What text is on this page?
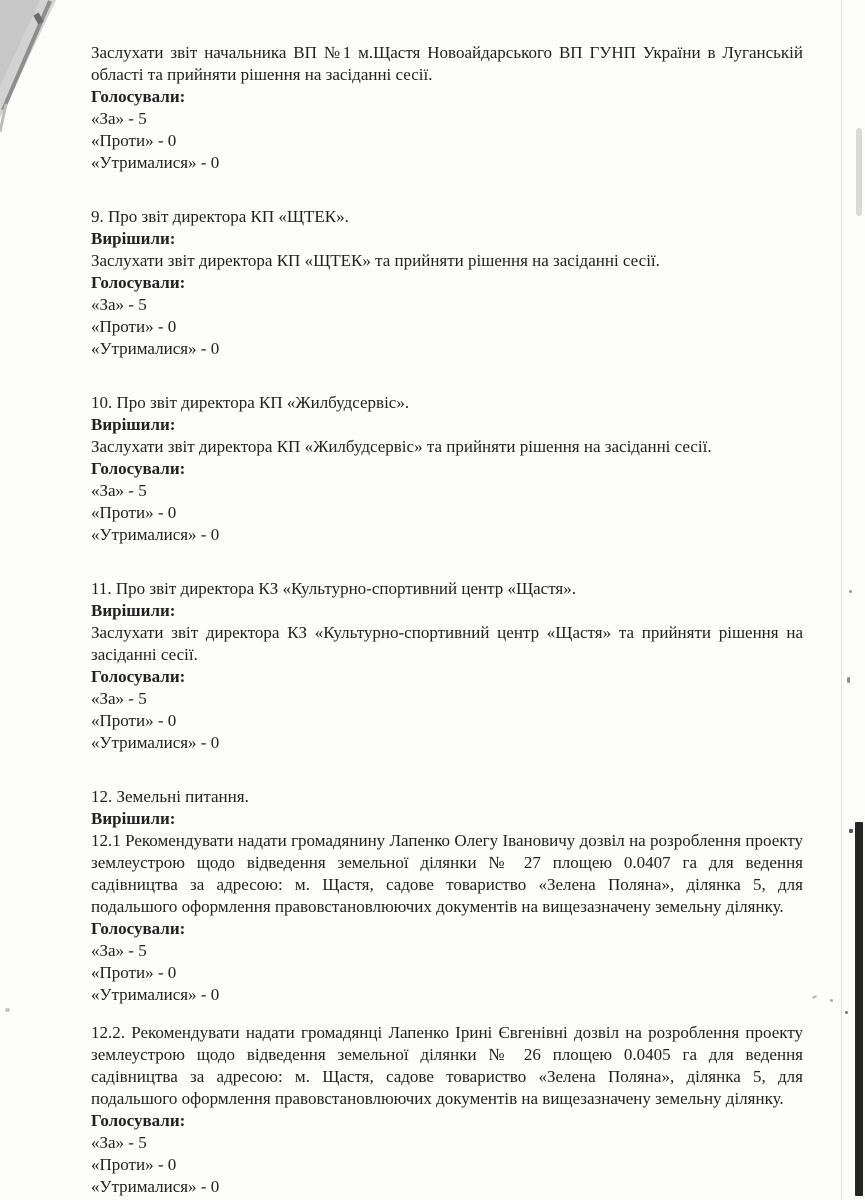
Заслухати звіт начальника ВП №1 м.Щастя Новоайдарського ВП ГУНП України в Луганській області та прийняти рішення на засіданні сесії.

Голосували:

«За» - 5

«Проти» - 0

«Утрималися» - 0

9. Про звіт директора КП «ЩТЕК».

Вирішили:

Заслухати звіт директора КП «ЩТЕК» та прийняти рішення на засіданні сесії.

Голосували:

«За» - 5

«Проти» - 0

«Утрималися» - 0

10. Про звіт директора КП «Жилбудсервіс».

Вирішили:

Заслухати звіт директора КП «Жилбудсервіс» та прийняти рішення на засіданні сесії.

Голосували:

«За» - 5

«Проти» - 0

«Утрималися» - 0

11. Про звіт директора КЗ «Культурно-спортивний центр «Щастя».

Вирішили:

Заслухати звіт директора КЗ «Культурно-спортивний центр «Щастя» та прийняти рішення на засіданні сесії.

Голосували:

«За» - 5

«Проти» - 0

«Утрималися» - 0

12. Земельні питання.

Вирішили:

12.1 Рекомендувати надати громадянину Лапенко Олегу Івановичу дозвіл на розроблення проекту землеустрою щодо відведення земельної ділянки № 27 площею 0.0407 га для ведення садівництва за адресою: м. Щастя, садове товариство «Зелена Поляна», ділянка 5, для подальшого оформлення правовстановлюючих документів на вищезазначену земельну ділянку.

Голосували:

«За» - 5

«Проти» - 0

«Утрималися» - 0

12.2. Рекомендувати надати громадянці Лапенко Ірині Євгенівні дозвіл на розроблення проекту землеустрою щодо відведення земельної ділянки № 26 площею 0.0405 га для ведення садівництва за адресою: м. Щастя, садове товариство «Зелена Поляна», ділянка 5, для подальшого оформлення правовстановлюючих документів на вищезазначену земельну ділянку.

Голосували:

«За» - 5

«Проти» - 0

«Утрималися» - 0
